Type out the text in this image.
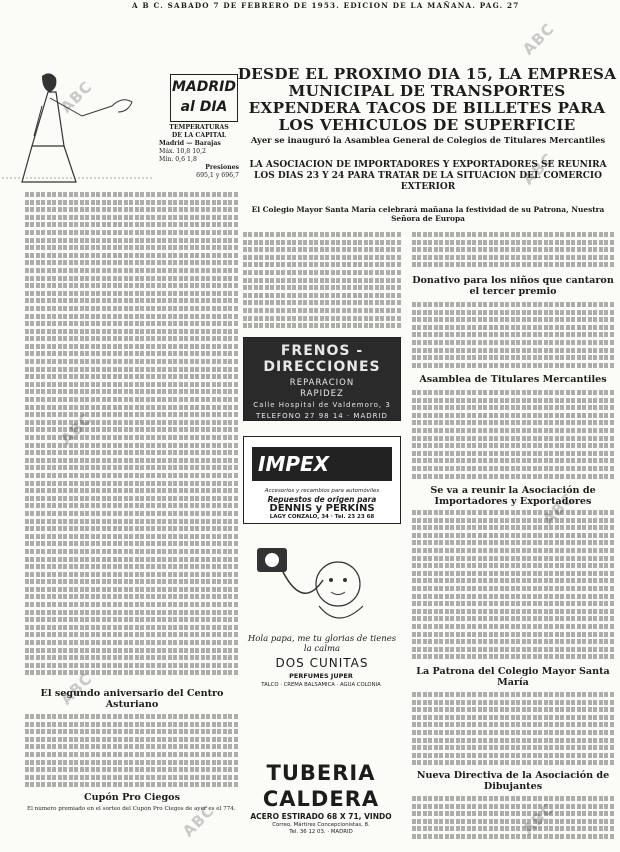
ABC
ABC
ABC
ABC
ABC
ABC
ABC
ABC
A B C. SABADO 7 DE FEBRERO DE 1953. EDICION DE LA MAÑANA. PAG. 27
MADRID
al DIA
TEMPERATURAS
DE LA CAPITAL
Madrid — Barajas
Máx. 10,8 10,2
Mín. 0,6 1,8
Presiones
695,1 y 696,7
El segundo aniversario del Centro Asturiano
Cupón Pro Ciegos
El número premiado en el sorteo del Cupón Pro Ciegos de ayer es el 774.
DESDE EL PROXIMO DIA 15, LA EMPRESA MUNICIPAL DE TRANSPORTES EXPENDERA TACOS DE BILLETES PARA LOS VEHICULOS DE SUPERFICIE
Ayer se inauguró la Asamblea General de Colegios de Titulares Mercantiles
LA ASOCIACION DE IMPORTADORES Y EXPORTADORES SE REUNIRA LOS DIAS 23 Y 24 PARA TRATAR DE LA SITUACION DEL COMERCIO EXTERIOR
El Colegio Mayor Santa María celebrará mañana la festividad de su Patrona, Nuestra Señora de Europa
FRENOS - DIRECCIONES
REPARACION
RAPIDEZ
Calle Hospital de Valdemoro, 3
TELEFONO 27 98 14 · MADRID
IMPEX
Accesorios y recambios para automóviles
Repuestos de origen para
DENNIS y PERKINS
LAGY CONZALO, 34 · Tel. 23 23 68
Hola papa, me tu glorias de tienes la calma
DOS CUNITAS
PERFUMES JUPER
TALCO · CREMA BALSAMICA · AGUA COLONIA
TUBERIA CALDERA
ACERO ESTIRADO 68 X 71, VINDO
Correo, Mártires Concepcionistas, 8.
Tel. 36 12 03. · MADRID
Donativo para los niños que cantaron el tercer premio
Asamblea de Titulares Mercantiles
Se va a reunir la Asociación de Importadores y Exportadores
La Patrona del Colegio Mayor Santa María
Nueva Directiva de la Asociación de Dibujantes
